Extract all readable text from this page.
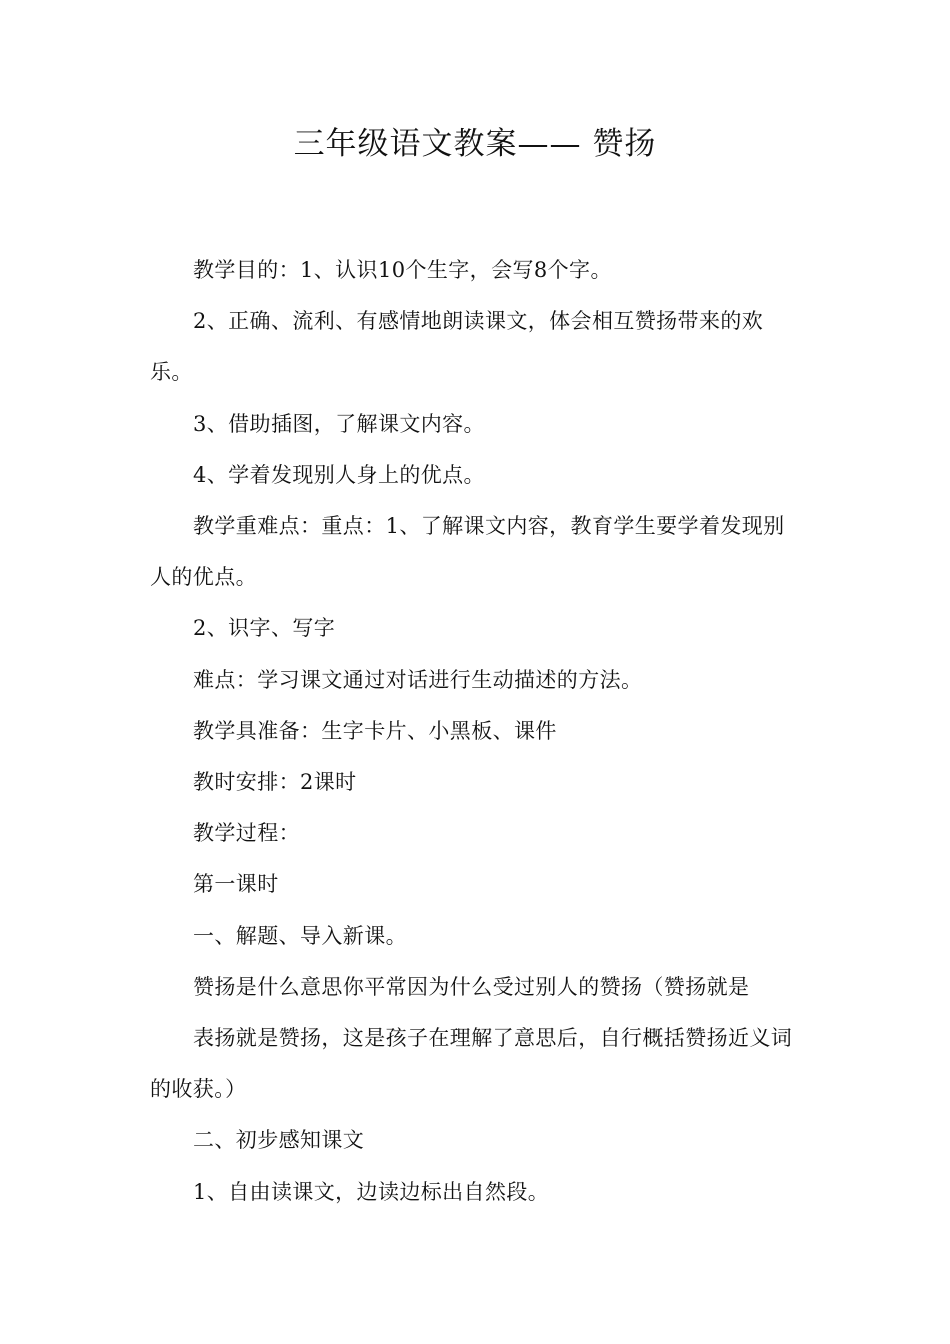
三年级语文教案—— 赞扬

教学目的：1、认识10个生字，会写8个字。

2、正确、流利、有感情地朗读课文，体会相互赞扬带来的欢乐。

3、借助插图，了解课文内容。

4、学着发现别人身上的优点。

教学重难点：重点：1、了解课文内容，教育学生要学着发现别人的优点。

2、识字、写字

难点：学习课文通过对话进行生动描述的方法。

教学具准备：生字卡片、小黑板、课件

教时安排：2课时

教学过程：

第一课时

一、解题、导入新课。

赞扬是什么意思你平常因为什么受过别人的赞扬（赞扬就是

表扬就是赞扬，这是孩子在理解了意思后，自行概括赞扬近义词的收获。）

二、初步感知课文

1、自由读课文，边读边标出自然段。
